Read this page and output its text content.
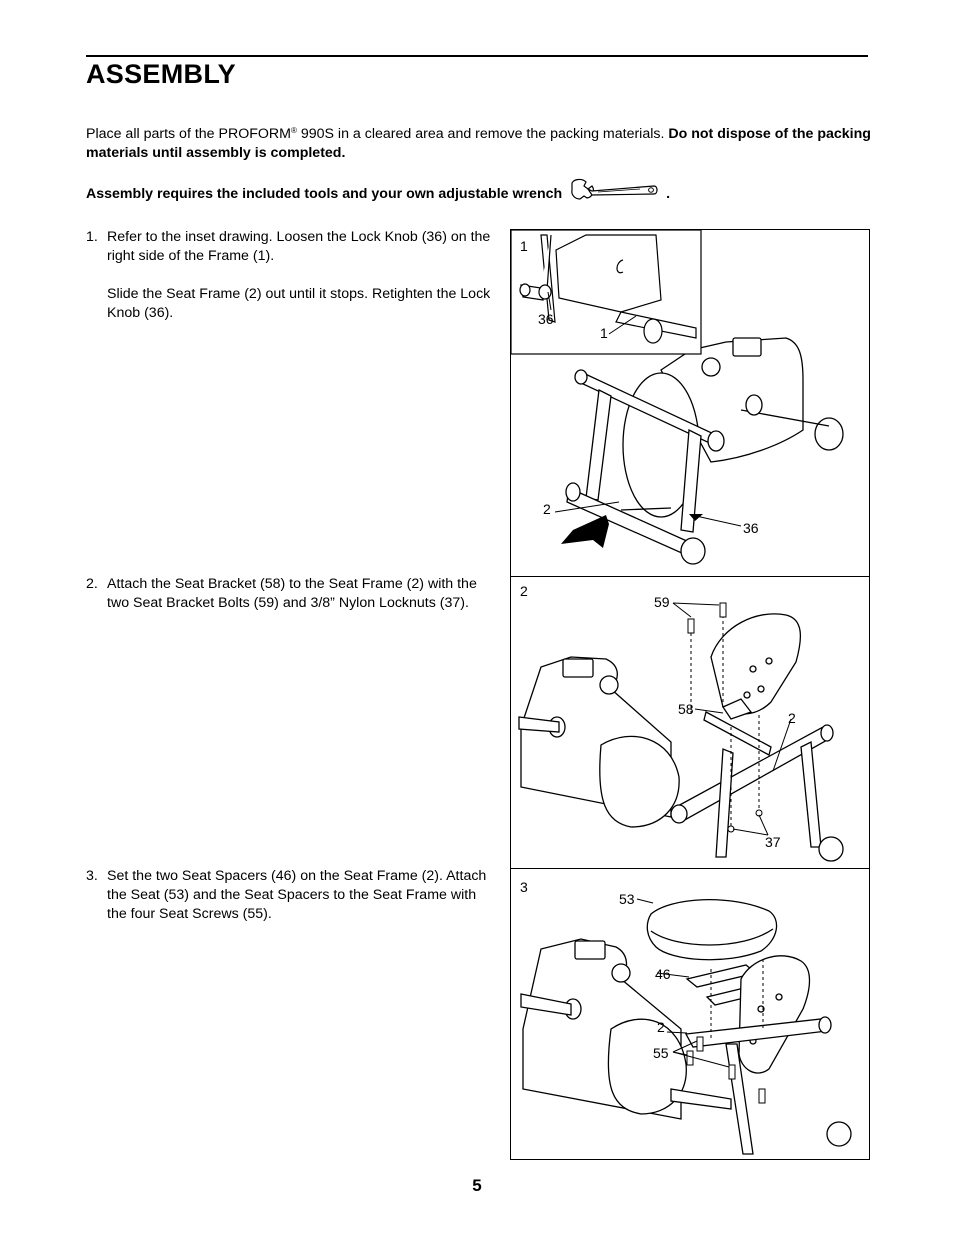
ASSEMBLY
Place all parts of the PROFORM® 990S in a cleared area and remove the packing materials. Do not dispose of the packing materials until assembly is completed.
Assembly requires the included tools and your own adjustable wrench	.
1. Refer to the inset drawing. Loosen the Lock Knob (36) on the right side of the Frame (1).

Slide the Seat Frame (2) out until it stops. Retighten the Lock Knob (36).

2. Attach the Seat Bracket (58) to the Seat Frame (2) with the two Seat Bracket Bolts (59) and 3/8” Nylon Locknuts (37).

3. Set the two Seat Spacers (46) on the Seat Frame (2). Attach the Seat (53) and the Seat Spacers to the Seat Frame with the four Seat Screws (55).

1
36
1
2
36
2
59
58
2
37
3
53
46
2
55
5
